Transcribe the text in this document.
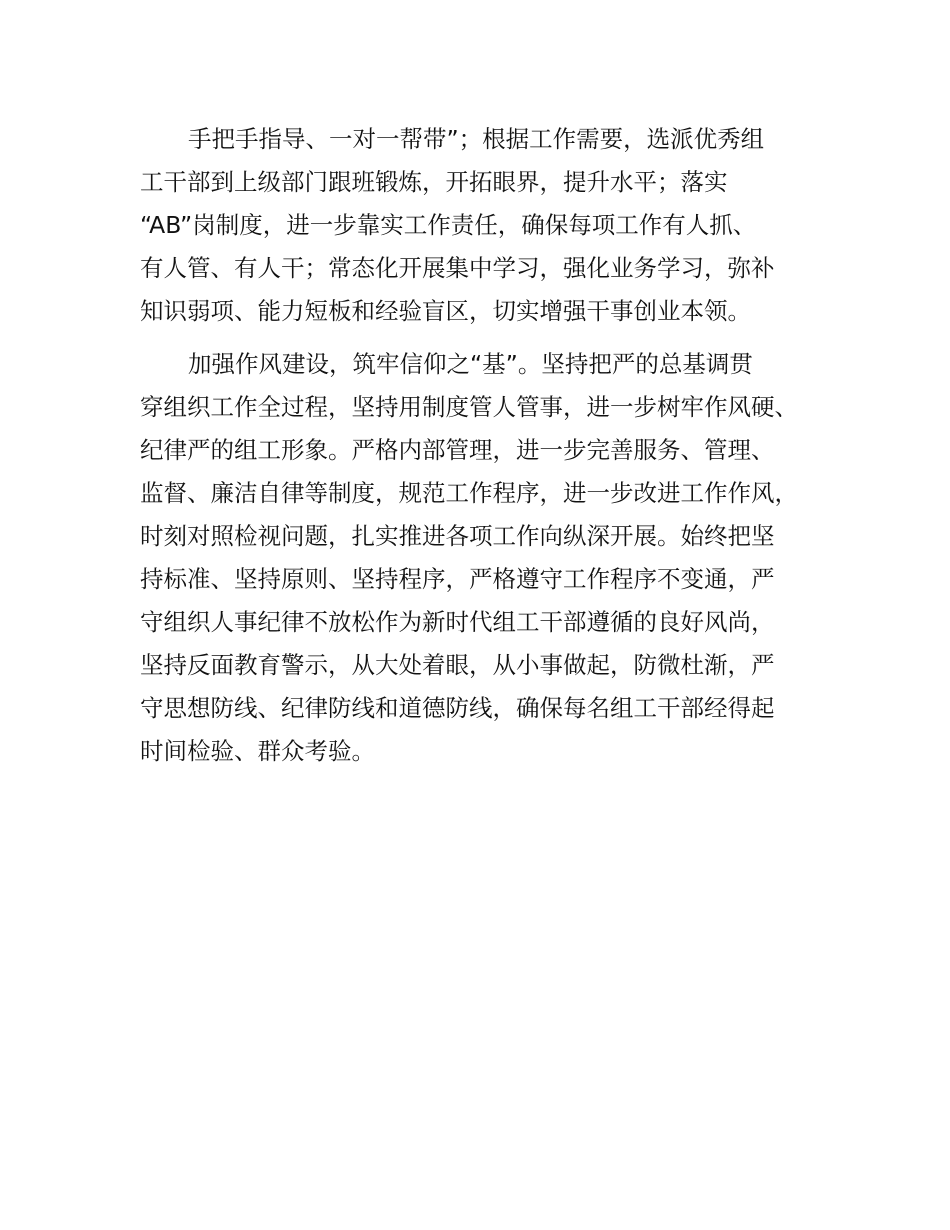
手把手指导、一对一帮带”；根据工作需要，选派优秀组
工干部到上级部门跟班锻炼，开拓眼界，提升水平；落实
“AB”岗制度，进一步靠实工作责任，确保每项工作有人抓、
有人管、有人干；常态化开展集中学习，强化业务学习，弥补
知识弱项、能力短板和经验盲区，切实增强干事创业本领。
加强作风建设，筑牢信仰之“基”。坚持把严的总基调贯
穿组织工作全过程，坚持用制度管人管事，进一步树牢作风硬、
纪律严的组工形象。严格内部管理，进一步完善服务、管理、
监督、廉洁自律等制度，规范工作程序，进一步改进工作作风，
时刻对照检视问题，扎实推进各项工作向纵深开展。始终把坚
持标准、坚持原则、坚持程序，严格遵守工作程序不变通，严
守组织人事纪律不放松作为新时代组工干部遵循的良好风尚，
坚持反面教育警示，从大处着眼，从小事做起，防微杜渐，严
守思想防线、纪律防线和道德防线，确保每名组工干部经得起
时间检验、群众考验。
